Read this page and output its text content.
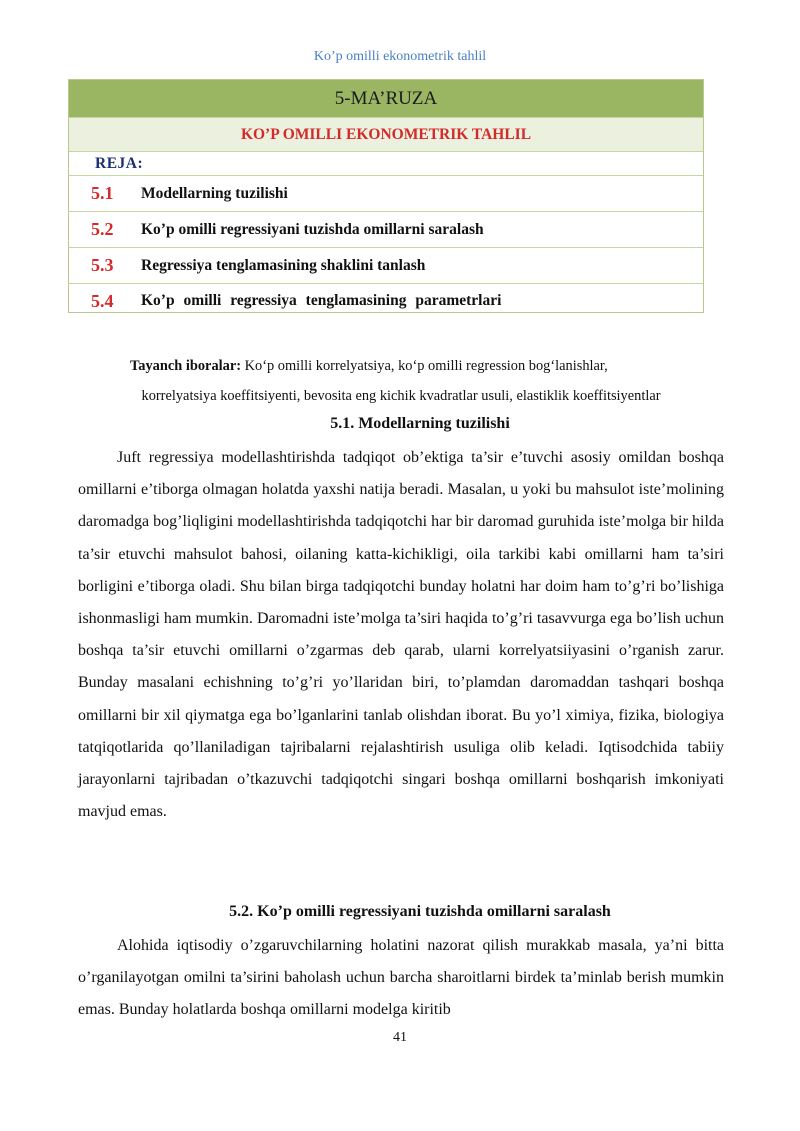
Ko’p omilli ekonometrik tahlil
5-MA’RUZA
KO’P OMILLI EKONOMETRIK TAHLIL
REJA:
5.1	Modellarning tuzilishi
5.2	Ko’p omilli regressiyani tuzishda omillarni saralash
5.3	Regressiya tenglamasining shaklini tanlash
5.4	Ko’p omilli regressiya tenglamasining parametrlari

Tayanch iboralar: Ko‘p omilli korrelyatsiya, ko‘p omilli regression bog‘lanishlar,

korrelyatsiya koeffitsiyenti, bevosita eng kichik kvadratlar usuli, elastiklik koeffitsiyentlar

5.1. Modellarning tuzilishi

Juft regressiya modellashtirishda tadqiqot ob’ektiga ta’sir e’tuvchi asosiy omildan boshqa omillarni e’tiborga olmagan holatda yaxshi natija beradi. Masalan, u yoki bu mahsulot iste’molining daromadga bog’liqligini modellashtirishda tadqiqotchi har bir daromad guruhida iste’molga bir hilda ta’sir etuvchi mahsulot bahosi, oilaning katta-kichikligi, oila tarkibi kabi omillarni ham ta’siri borligini e’tiborga oladi. Shu bilan birga tadqiqotchi bunday holatni har doim ham to’g’ri bo’lishiga ishonmasligi ham mumkin. Daromadni iste’molga ta’siri haqida to’g’ri tasavvurga ega bo’lish uchun boshqa ta’sir etuvchi omillarni o’zgarmas deb qarab, ularni korrelyatsiiyasini o’rganish zarur. Bunday masalani echishning to’g’ri yo’llaridan biri, to’plamdan daromaddan tashqari boshqa omillarni bir xil qiymatga ega bo’lganlarini tanlab olishdan iborat. Bu yo’l ximiya, fizika, biologiya tatqiqotlarida qo’llaniladigan tajribalarni rejalashtirish usuliga olib keladi. Iqtisodchida tabiiy jarayonlarni tajribadan o’tkazuvchi tadqiqotchi singari boshqa omillarni boshqarish imkoniyati mavjud emas.

5.2. Ko’p omilli regressiyani tuzishda omillarni saralash

Alohida iqtisodiy o’zgaruvchilarning holatini nazorat qilish murakkab masala, ya’ni bitta o’rganilayotgan omilni ta’sirini baholash uchun barcha sharoitlarni birdek ta’minlab berish mumkin emas. Bunday holatlarda boshqa omillarni modelga kiritib

41
